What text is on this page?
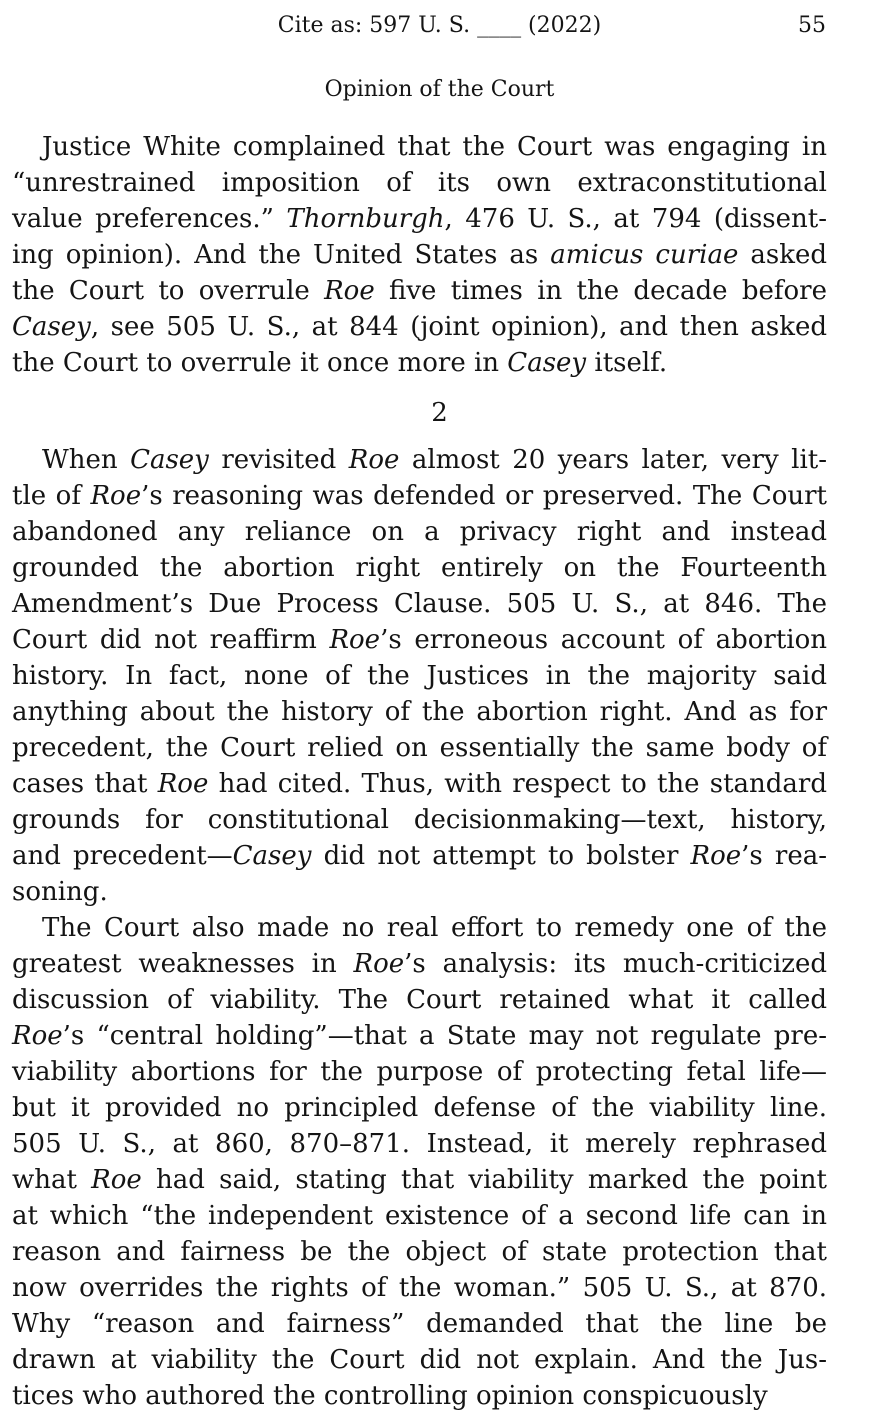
Cite as: 597 U. S. ____ (2022)	55
Opinion of the Court
Justice White complained that the Court was engaging in
“unrestrained imposition of its own extraconstitutional
value preferences.” Thornburgh, 476 U. S., at 794 (dissent-
ing opinion). And the United States as amicus curiae asked
the Court to overrule Roe five times in the decade before
Casey, see 505 U. S., at 844 (joint opinion), and then asked
the Court to overrule it once more in Casey itself.
2
When Casey revisited Roe almost 20 years later, very lit-
tle of Roe’s reasoning was defended or preserved. The Court
abandoned any reliance on a privacy right and instead
grounded the abortion right entirely on the Fourteenth
Amendment’s Due Process Clause. 505 U. S., at 846. The
Court did not reaffirm Roe’s erroneous account of abortion
history. In fact, none of the Justices in the majority said
anything about the history of the abortion right. And as for
precedent, the Court relied on essentially the same body of
cases that Roe had cited. Thus, with respect to the standard
grounds for constitutional decisionmaking—text, history,
and precedent—Casey did not attempt to bolster Roe’s rea-
soning.
The Court also made no real effort to remedy one of the
greatest weaknesses in Roe’s analysis: its much-criticized
discussion of viability. The Court retained what it called
Roe’s “central holding”—that a State may not regulate pre-
viability abortions for the purpose of protecting fetal life—
but it provided no principled defense of the viability line.
505 U. S., at 860, 870–871. Instead, it merely rephrased
what Roe had said, stating that viability marked the point
at which “the independent existence of a second life can in
reason and fairness be the object of state protection that
now overrides the rights of the woman.” 505 U. S., at 870.
Why “reason and fairness” demanded that the line be
drawn at viability the Court did not explain. And the Jus-
tices who authored the controlling opinion conspicuously
